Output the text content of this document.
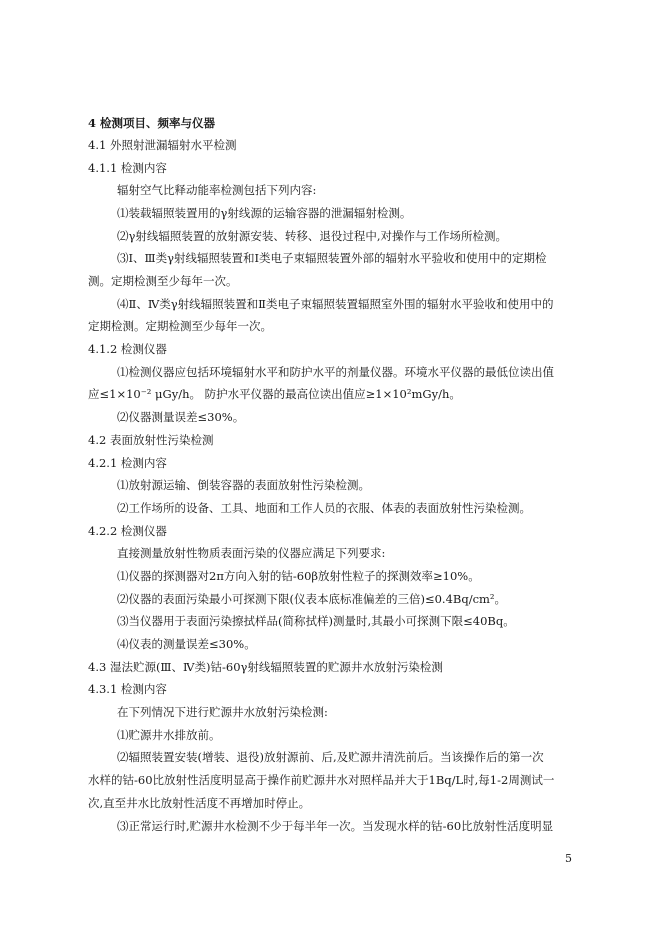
4 检测项目、频率与仪器
4.1 外照射泄漏辐射水平检测
4.1.1 检测内容
辐射空气比释动能率检测包括下列内容:
⑴装载辐照装置用的γ射线源的运输容器的泄漏辐射检测。
⑵γ射线辐照装置的放射源安装、转移、退役过程中,对操作与工作场所检测。
⑶Ⅰ、Ⅲ类γ射线辐照装置和Ⅰ类电子束辐照装置外部的辐射水平验收和使用中的定期检
测。定期检测至少每年一次。
⑷Ⅱ、Ⅳ类γ射线辐照装置和Ⅱ类电子束辐照装置辐照室外围的辐射水平验收和使用中的
定期检测。定期检测至少每年一次。
4.1.2 检测仪器
⑴检测仪器应包括环境辐射水平和防护水平的剂量仪器。环境水平仪器的最低位读出值
应≤1×10⁻² μGy/h。 防护水平仪器的最高位读出值应≥1×10²mGy/h。
⑵仪器测量误差≤30%。
4.2 表面放射性污染检测
4.2.1 检测内容
⑴放射源运输、倒装容器的表面放射性污染检测。
⑵工作场所的设备、工具、地面和工作人员的衣服、体表的表面放射性污染检测。
4.2.2 检测仪器
直接测量放射性物质表面污染的仪器应满足下列要求:
⑴仪器的探测器对2π方向入射的钴-60β放射性粒子的探测效率≥10%。
⑵仪器的表面污染最小可探测下限(仪表本底标准偏差的三倍)≤0.4Bq/cm²。
⑶当仪器用于表面污染擦拭样品(简称拭样)测量时,其最小可探测下限≤40Bq。
⑷仪表的测量误差≤30%。
4.3 湿法贮源(Ⅲ、Ⅳ类)钴-60γ射线辐照装置的贮源井水放射污染检测
4.3.1 检测内容
在下列情况下进行贮源井水放射污染检测:
⑴贮源井水排放前。
⑵辐照装置安装(增装、退役)放射源前、后,及贮源井清洗前后。当该操作后的第一次
水样的钴-60比放射性活度明显高于操作前贮源井水对照样品并大于1Bq/L时,每1-2周测试一
次,直至井水比放射性活度不再增加时停止。
⑶正常运行时,贮源井水检测不少于每半年一次。当发现水样的钴-60比放射性活度明显
5
